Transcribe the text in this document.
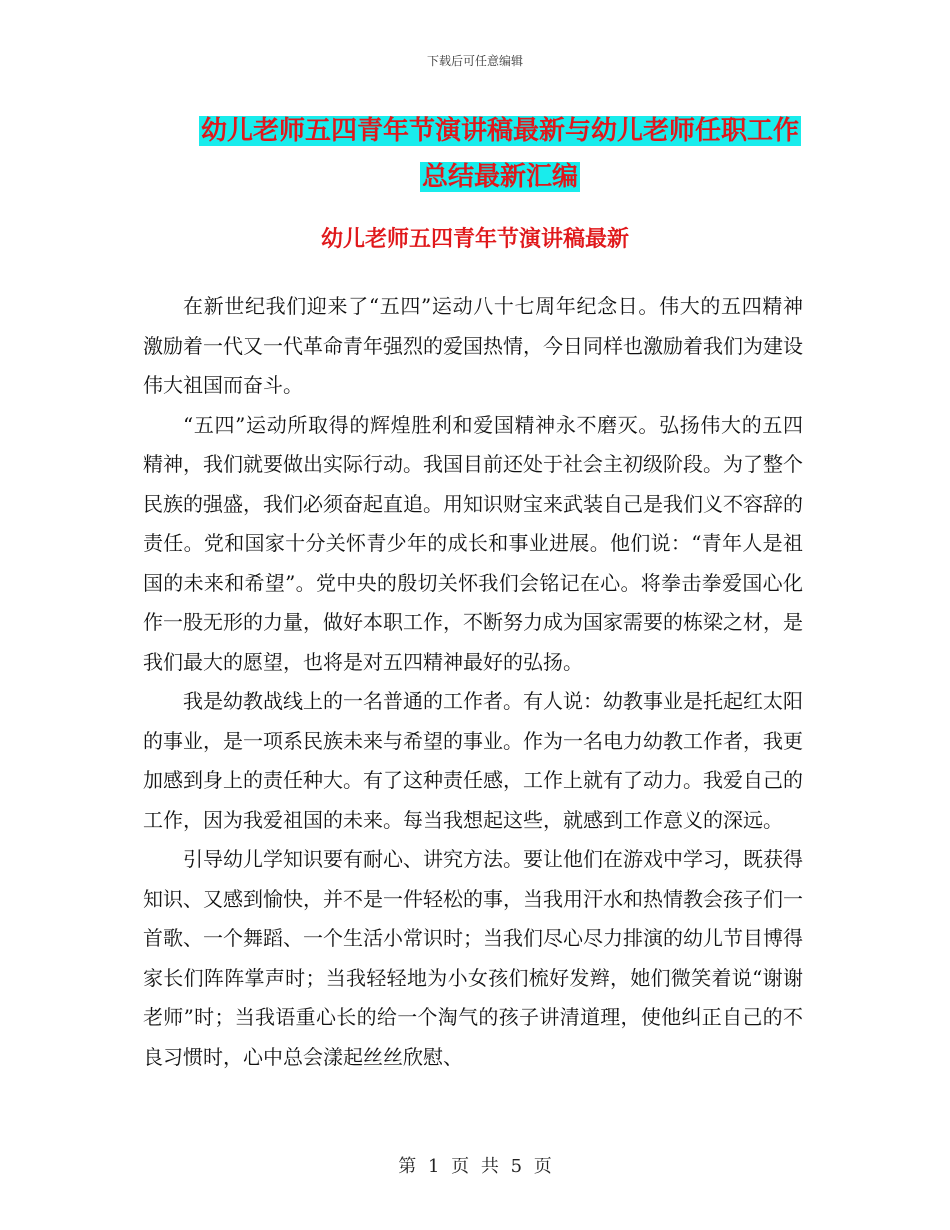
下载后可任意编辑
幼儿老师五四青年节演讲稿最新与幼儿老师任职工作
总结最新汇编
幼儿老师五四青年节演讲稿最新

在新世纪我们迎来了“五四”运动八十七周年纪念日。伟大的五四精神激励着一代又一代革命青年强烈的爱国热情，今日同样也激励着我们为建设伟大祖国而奋斗。

“五四”运动所取得的辉煌胜利和爱国精神永不磨灭。弘扬伟大的五四精神，我们就要做出实际行动。我国目前还处于社会主初级阶段。为了整个民族的强盛，我们必须奋起直追。用知识财宝来武装自己是我们义不容辞的责任。党和国家十分关怀青少年的成长和事业进展。他们说：“青年人是祖国的未来和希望”。党中央的殷切关怀我们会铭记在心。将拳击拳爱国心化作一股无形的力量，做好本职工作，不断努力成为国家需要的栋梁之材，是我们最大的愿望，也将是对五四精神最好的弘扬。

我是幼教战线上的一名普通的工作者。有人说：幼教事业是托起红太阳的事业，是一项系民族未来与希望的事业。作为一名电力幼教工作者，我更加感到身上的责任种大。有了这种责任感，工作上就有了动力。我爱自己的工作，因为我爱祖国的未来。每当我想起这些，就感到工作意义的深远。

引导幼儿学知识要有耐心、讲究方法。要让他们在游戏中学习，既获得知识、又感到愉快，并不是一件轻松的事，当我用汗水和热情教会孩子们一首歌、一个舞蹈、一个生活小常识时；当我们尽心尽力排演的幼儿节目博得家长们阵阵掌声时；当我轻轻地为小女孩们梳好发辫，她们微笑着说“谢谢老师”时；当我语重心长的给一个淘气的孩子讲清道理，使他纠正自己的不良习惯时，心中总会漾起丝丝欣慰、

第 1 页 共 5 页
